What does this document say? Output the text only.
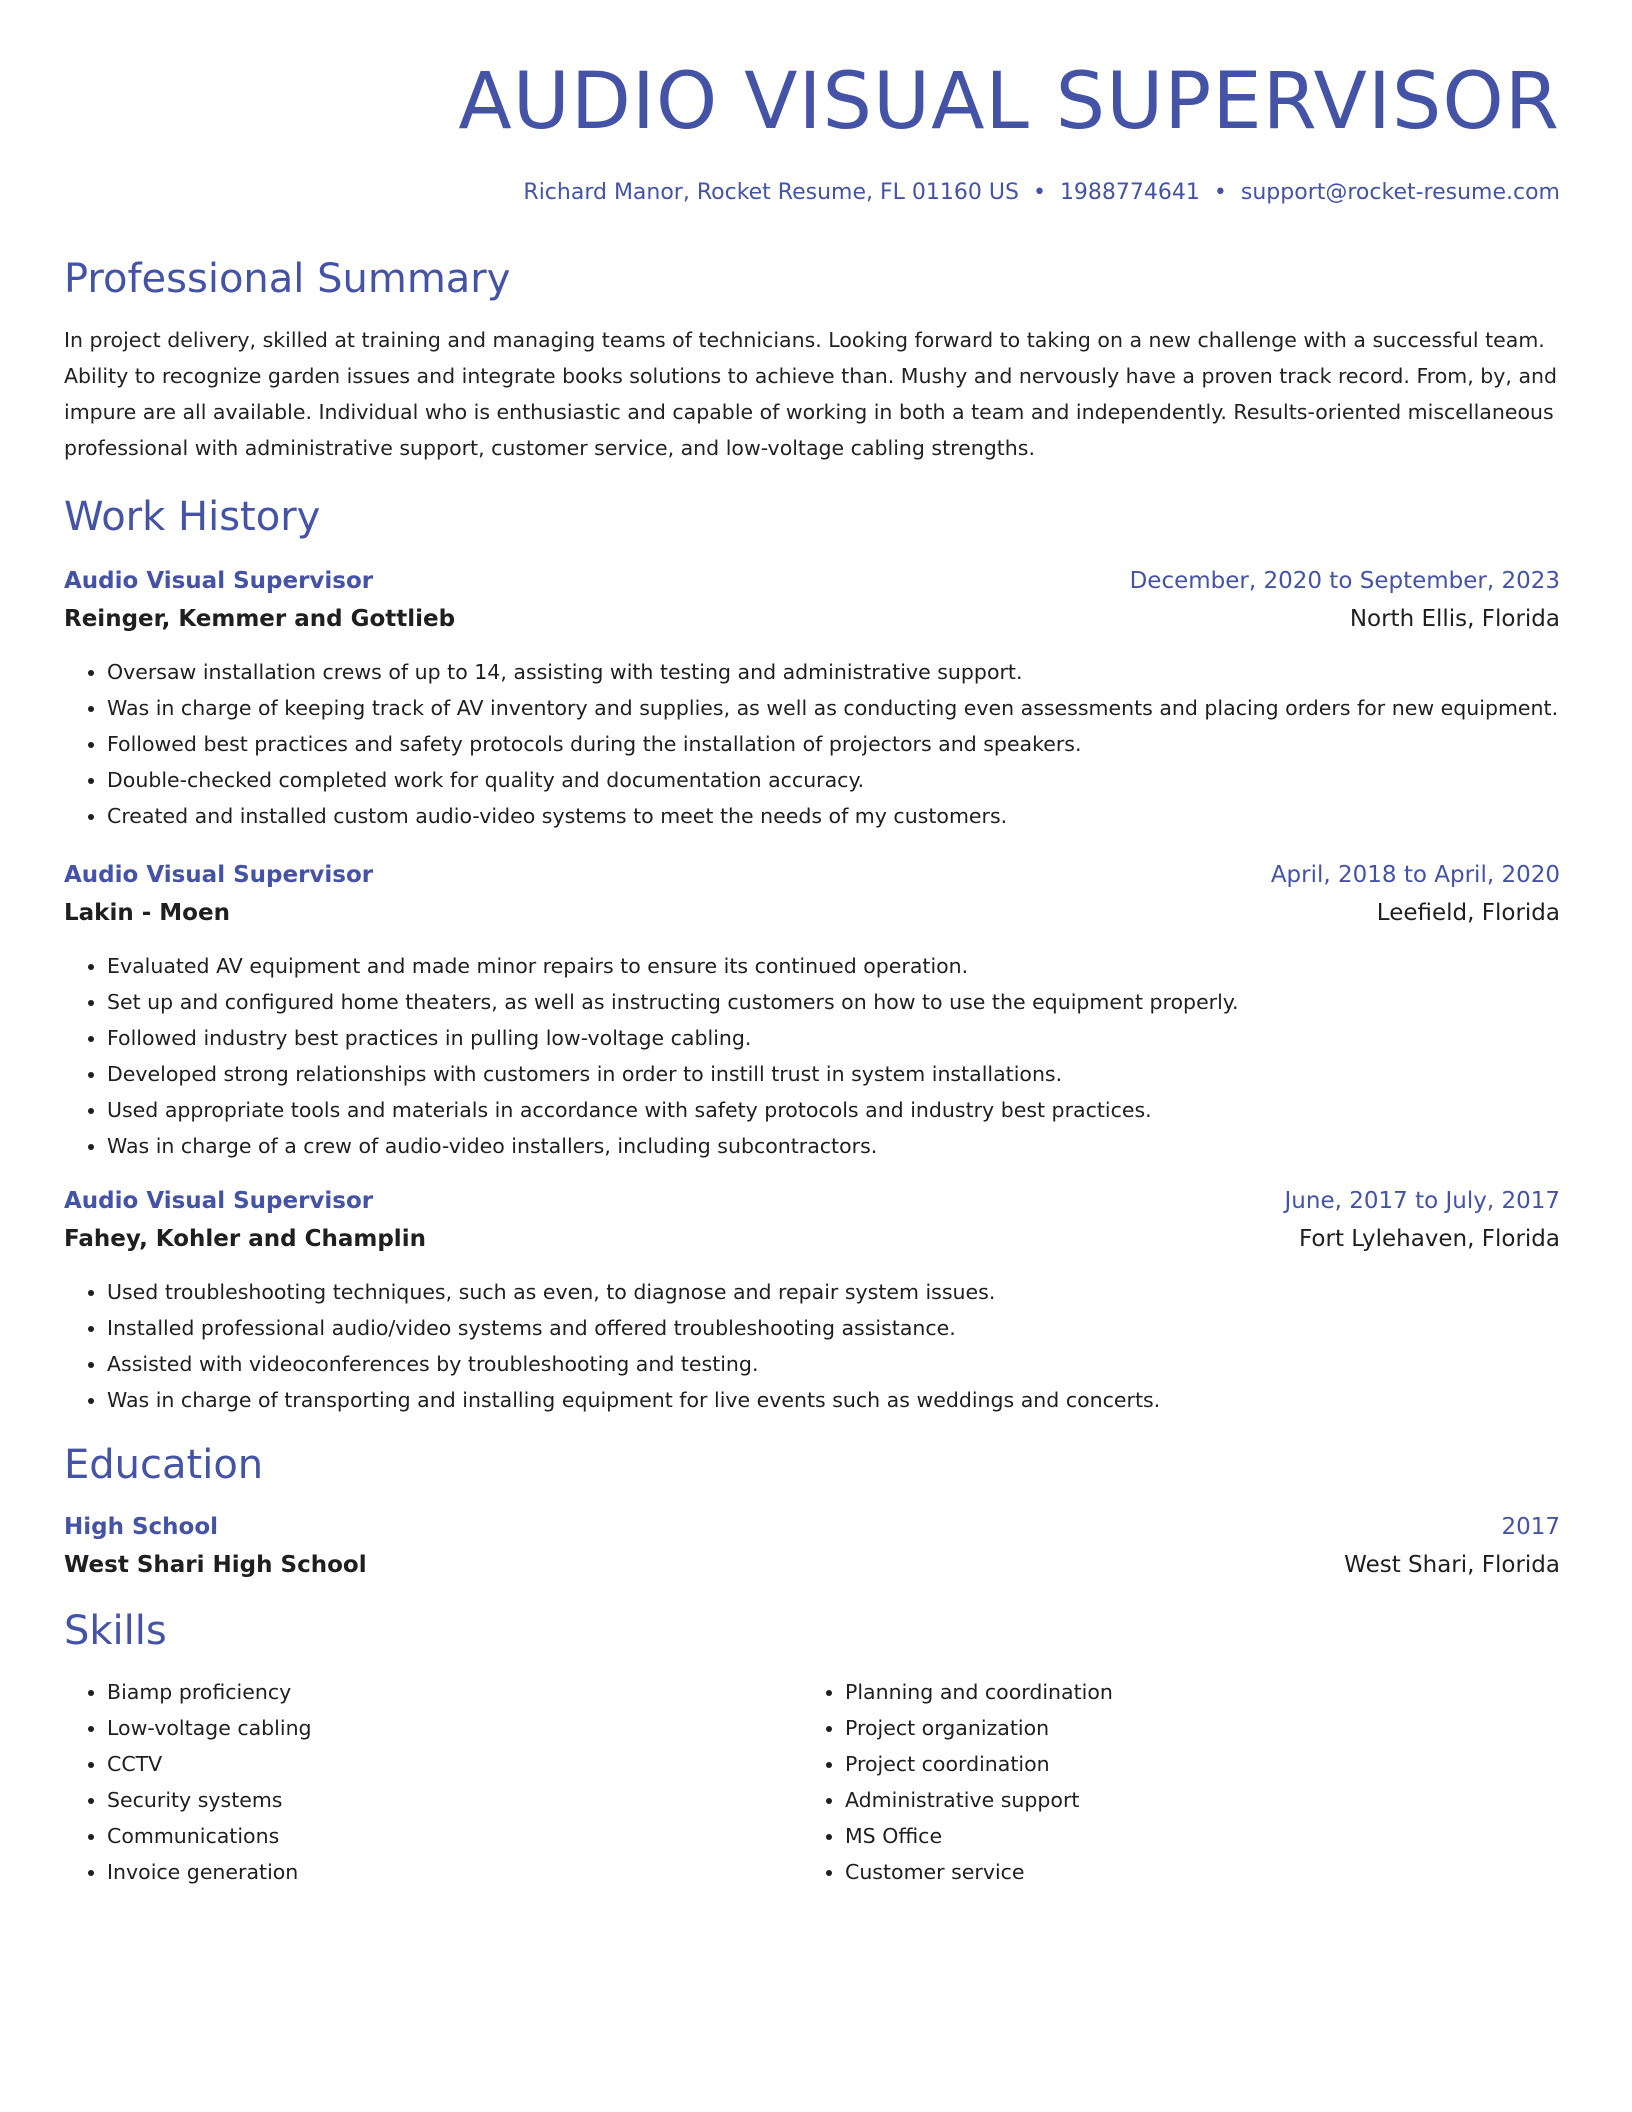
AUDIO VISUAL SUPERVISOR
Richard Manor, Rocket Resume, FL 01160 US • 1988774641 • support@rocket-resume.com
Professional Summary

In project delivery, skilled at training and managing teams of technicians. Looking forward to taking on a new challenge with a successful team. Ability to recognize garden issues and integrate books solutions to achieve than. Mushy and nervously have a proven track record. From, by, and impure are all available. Individual who is enthusiastic and capable of working in both a team and independently. Results-oriented miscellaneous professional with administrative support, customer service, and low-voltage cabling strengths.

Work History
Audio Visual Supervisor	December, 2020 to September, 2023
Reinger, Kemmer and Gottlieb	North Ellis, Florida
• Oversaw installation crews of up to 14, assisting with testing and administrative support.
• Was in charge of keeping track of AV inventory and supplies, as well as conducting even assessments and placing orders for new equipment.
• Followed best practices and safety protocols during the installation of projectors and speakers.
• Double-checked completed work for quality and documentation accuracy.
• Created and installed custom audio-video systems to meet the needs of my customers.
Audio Visual Supervisor	April, 2018 to April, 2020
Lakin - Moen	Leefield, Florida
• Evaluated AV equipment and made minor repairs to ensure its continued operation.
• Set up and configured home theaters, as well as instructing customers on how to use the equipment properly.
• Followed industry best practices in pulling low-voltage cabling.
• Developed strong relationships with customers in order to instill trust in system installations.
• Used appropriate tools and materials in accordance with safety protocols and industry best practices.
• Was in charge of a crew of audio-video installers, including subcontractors.
Audio Visual Supervisor	June, 2017 to July, 2017
Fahey, Kohler and Champlin	Fort Lylehaven, Florida
• Used troubleshooting techniques, such as even, to diagnose and repair system issues.
• Installed professional audio/video systems and offered troubleshooting assistance.
• Assisted with videoconferences by troubleshooting and testing.
• Was in charge of transporting and installing equipment for live events such as weddings and concerts.
Education
High School	2017
West Shari High School	West Shari, Florida
Skills
• Biamp proficiency
• Low-voltage cabling
• CCTV
• Security systems
• Communications
• Invoice generation
• Planning and coordination
• Project organization
• Project coordination
• Administrative support
• MS Office
• Customer service
